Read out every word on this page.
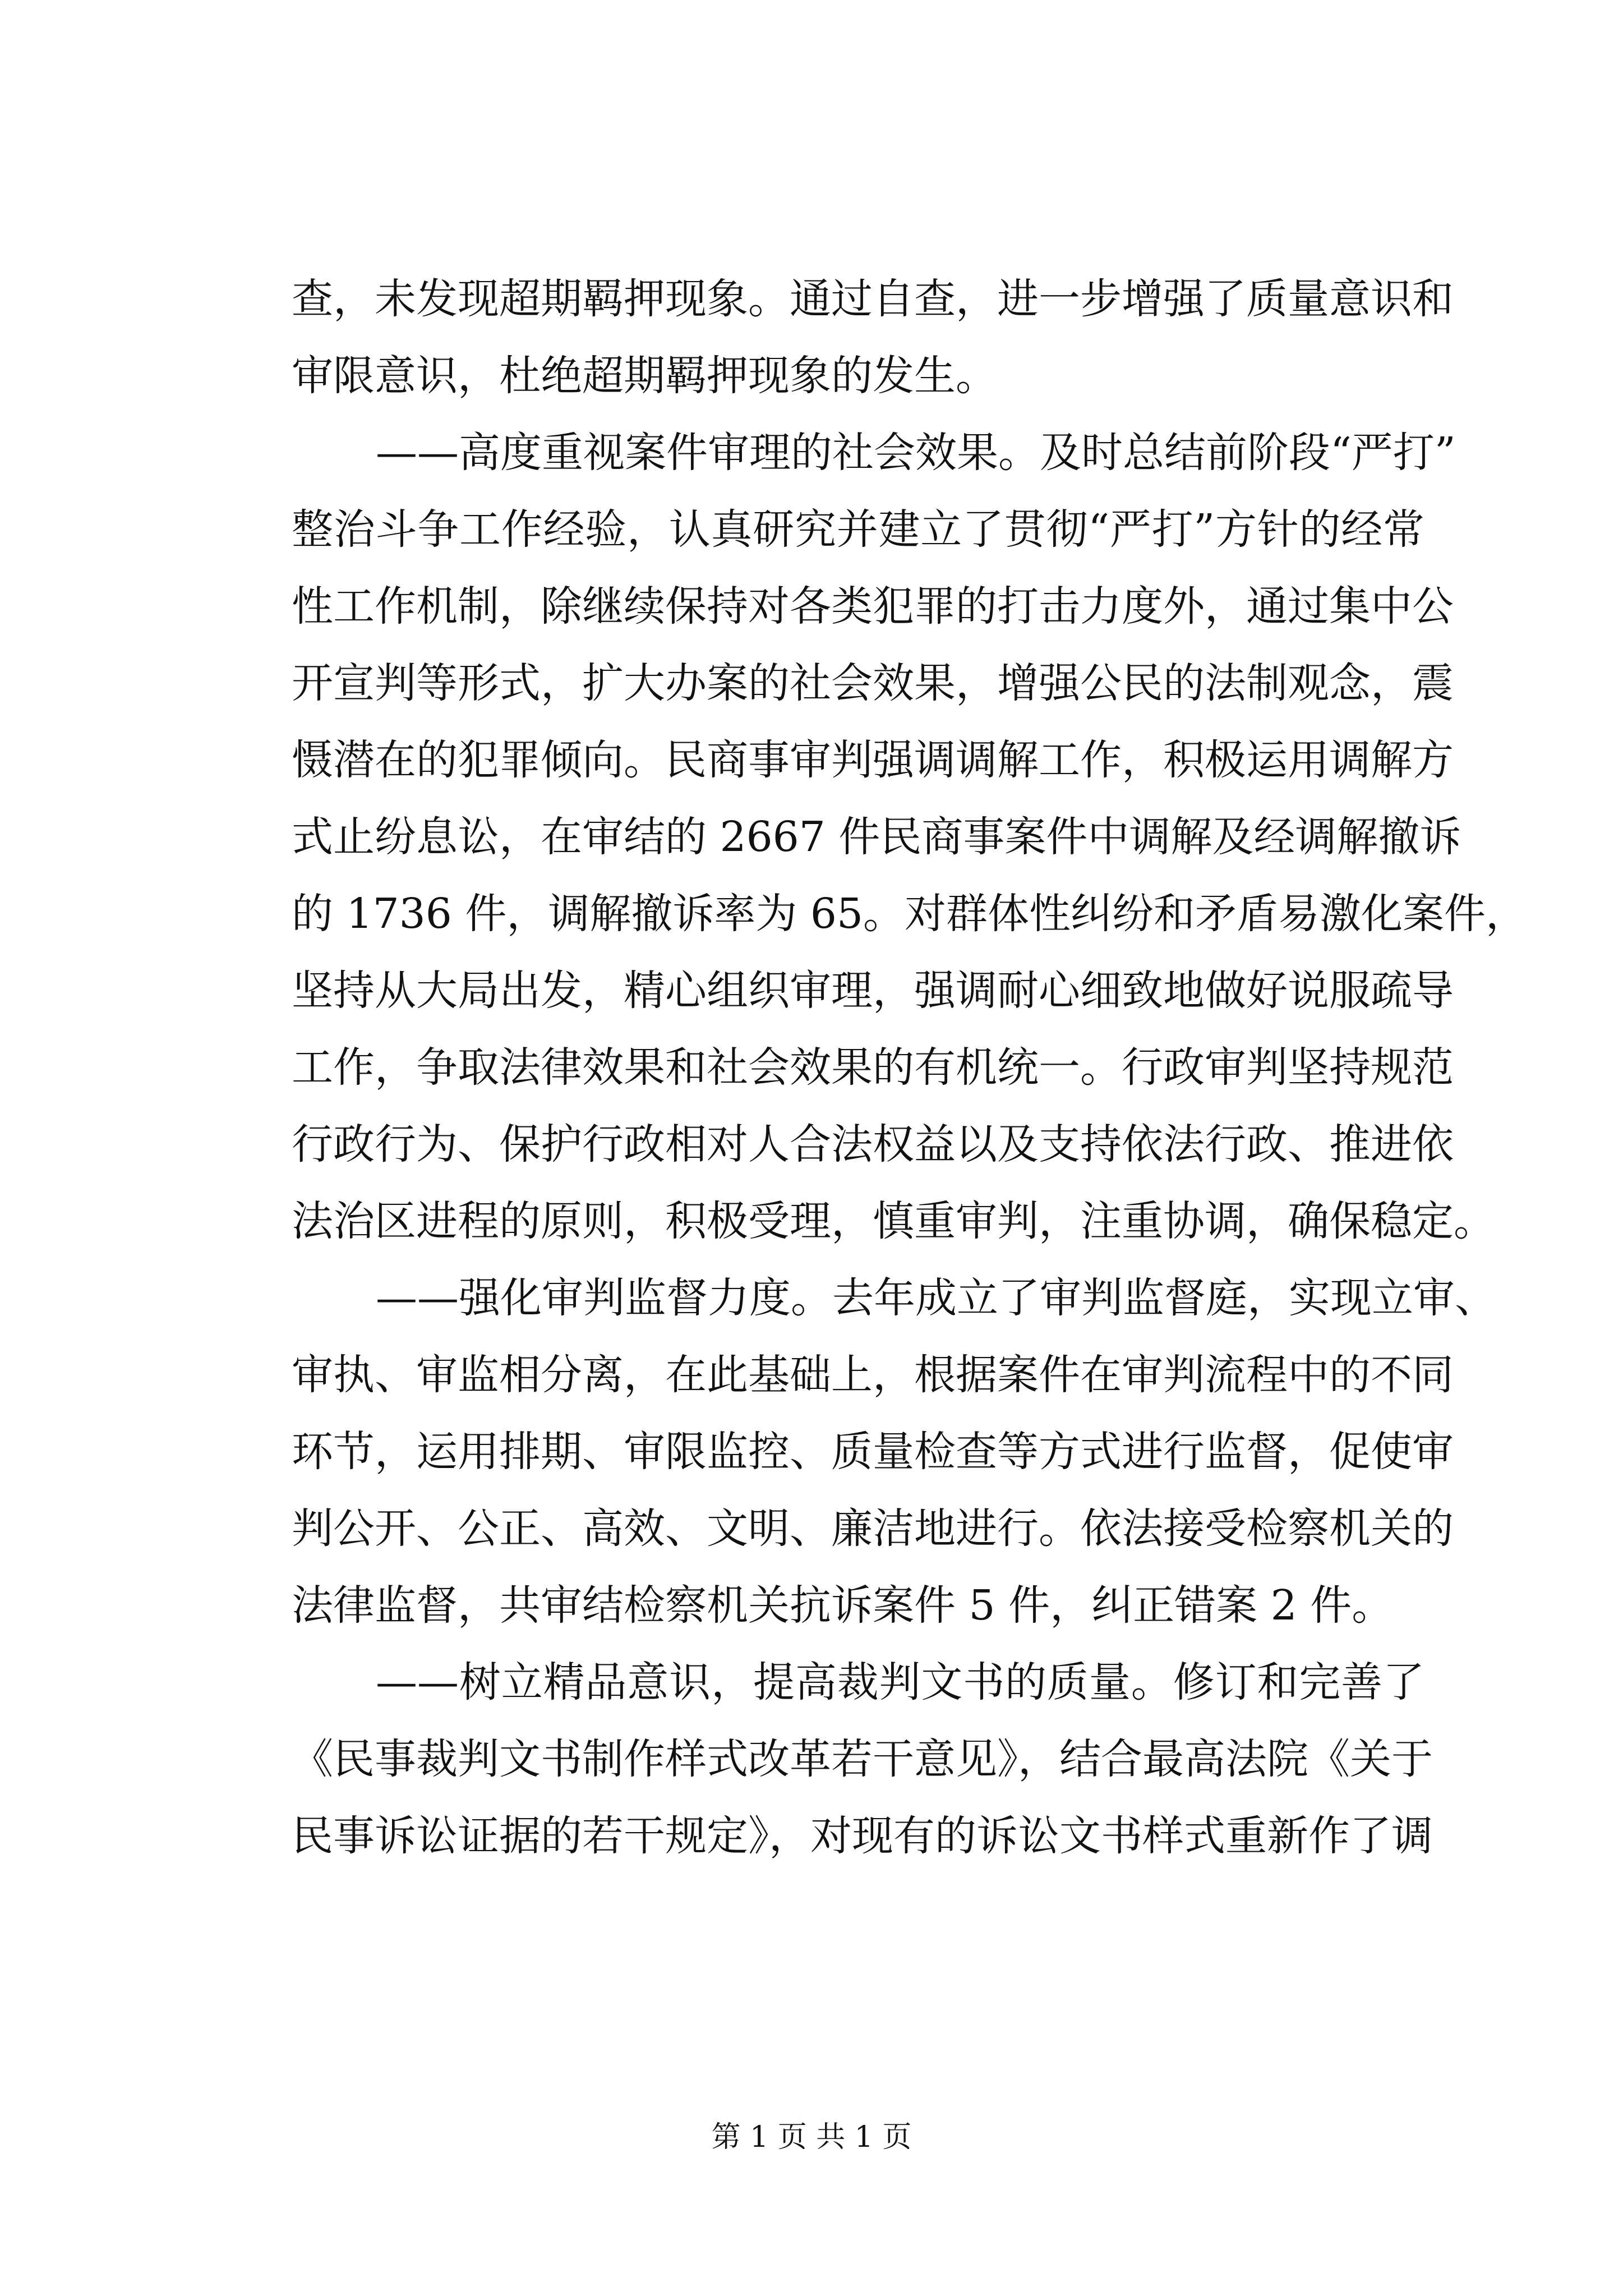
查，未发现超期羁押现象。通过自查，进一步增强了质量意识和
审限意识，杜绝超期羁押现象的发生。
——高度重视案件审理的社会效果。及时总结前阶段“严打”
整治斗争工作经验，认真研究并建立了贯彻“严打”方针的经常
性工作机制，除继续保持对各类犯罪的打击力度外，通过集中公
开宣判等形式，扩大办案的社会效果，增强公民的法制观念，震
慑潜在的犯罪倾向。民商事审判强调调解工作，积极运用调解方
式止纷息讼，在审结的 2667 件民商事案件中调解及经调解撤诉
的 1736 件，调解撤诉率为 65。对群体性纠纷和矛盾易激化案件，
坚持从大局出发，精心组织审理，强调耐心细致地做好说服疏导
工作，争取法律效果和社会效果的有机统一。行政审判坚持规范
行政行为、保护行政相对人合法权益以及支持依法行政、推进依
法治区进程的原则，积极受理，慎重审判，注重协调，确保稳定。
——强化审判监督力度。去年成立了审判监督庭，实现立审、
审执、审监相分离，在此基础上，根据案件在审判流程中的不同
环节，运用排期、审限监控、质量检查等方式进行监督，促使审
判公开、公正、高效、文明、廉洁地进行。依法接受检察机关的
法律监督，共审结检察机关抗诉案件 5 件，纠正错案 2 件。
——树立精品意识，提高裁判文书的质量。修订和完善了
《民事裁判文书制作样式改革若干意见》，结合最高法院《关于
民事诉讼证据的若干规定》，对现有的诉讼文书样式重新作了调
第 1 页 共 1 页
